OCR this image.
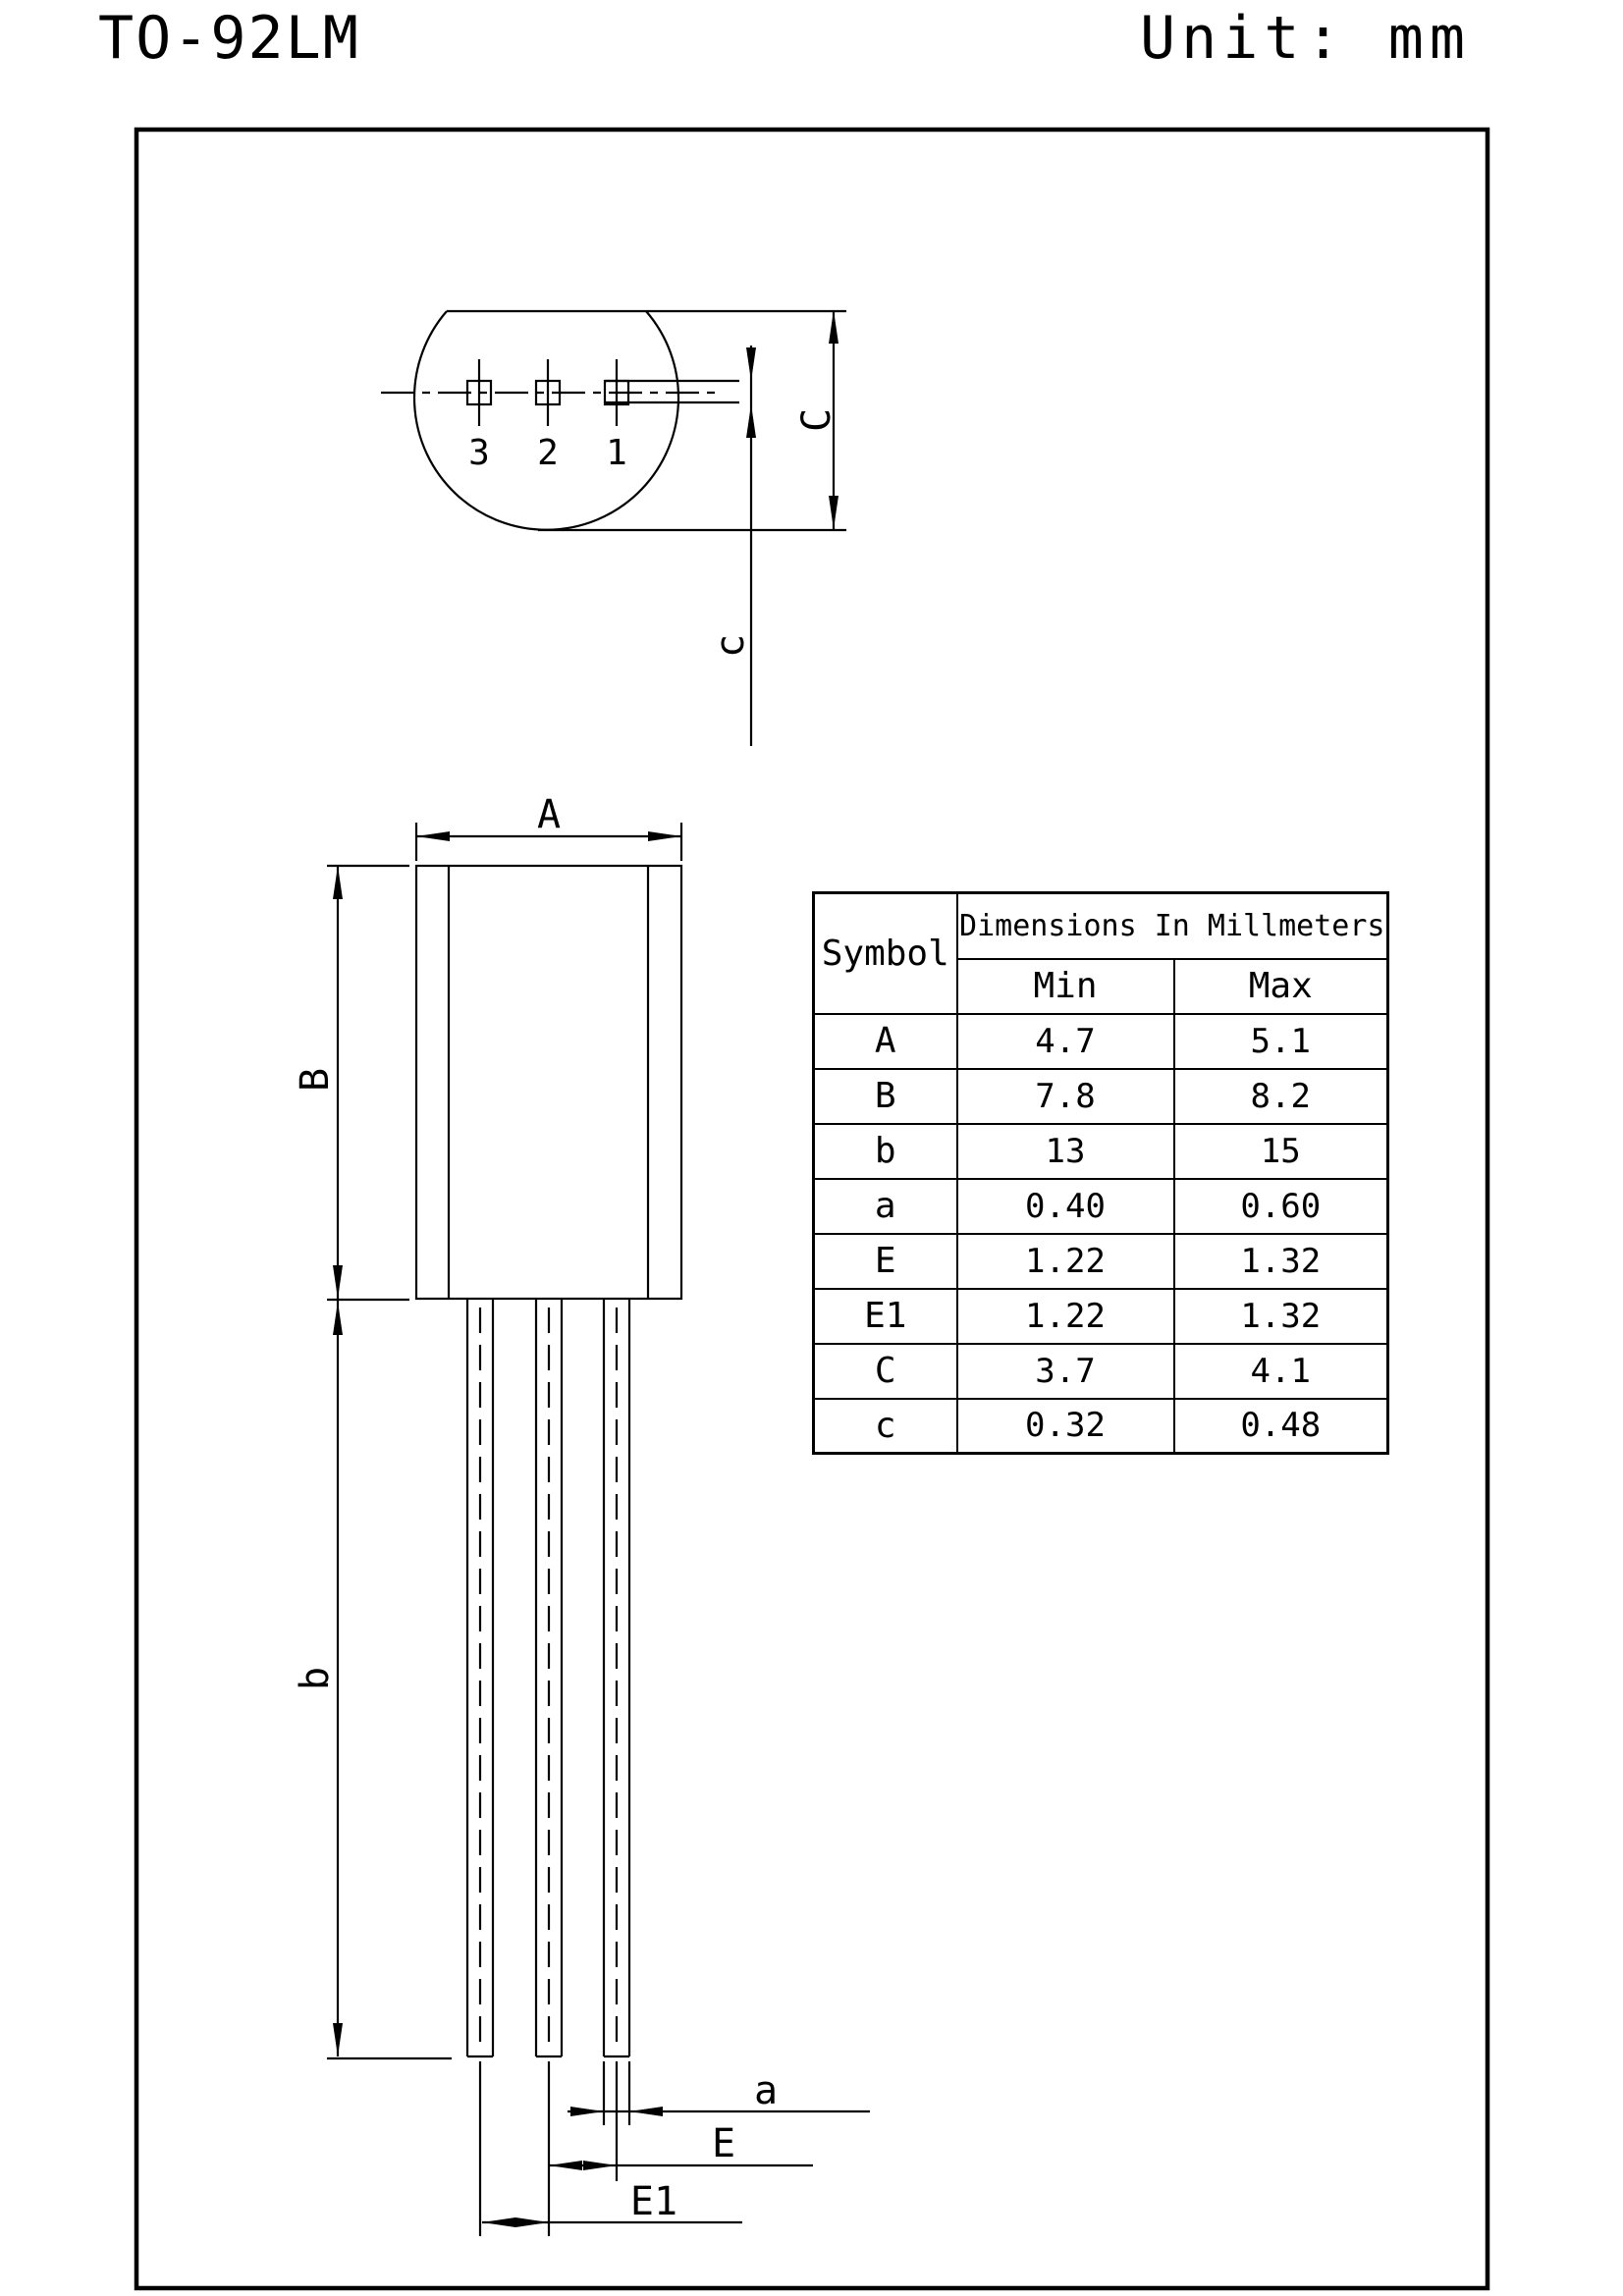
TO-92LM	Unit: mm
3 2 1
c
C
A
B
b
a
E
E1
Symbol	Dimensions In Millmeters	
	Min	Max
A	4.7	5.1
B	7.8	8.2
b	13	15
a	0.40	0.60
E	1.22	1.32
E1	1.22	1.32
C	3.7	4.1
c	0.32	0.48
